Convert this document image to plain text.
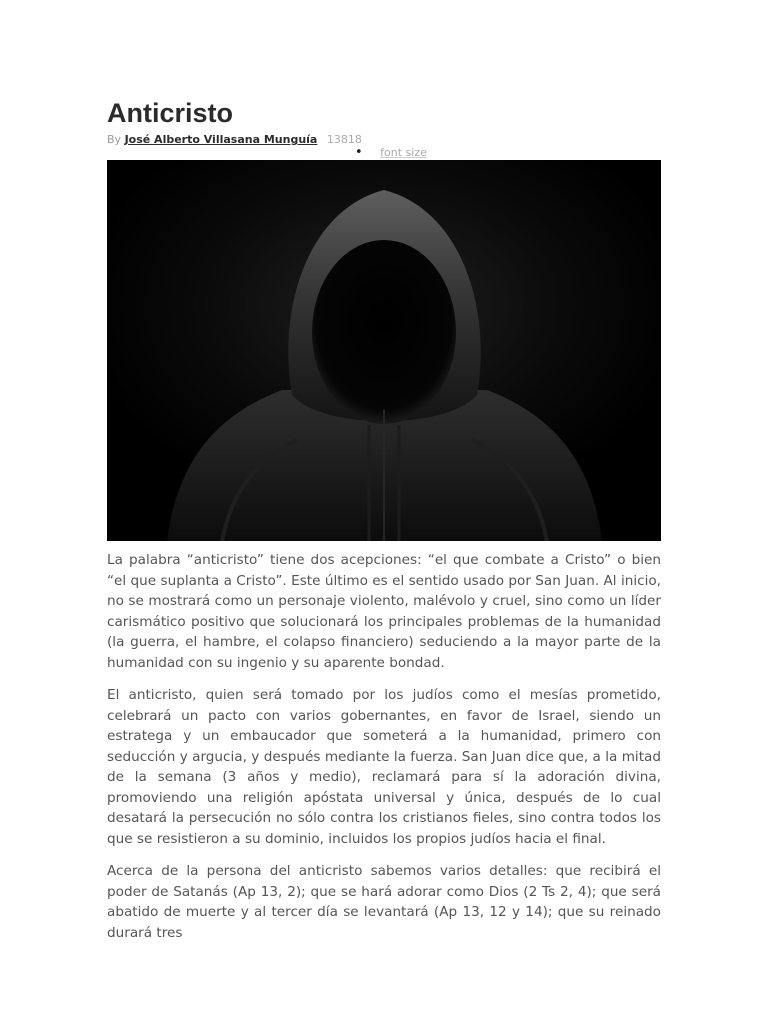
Anticristo
By José Alberto Villasana Munguía 13818
• font size

La palabra “anticristo” tiene dos acepciones: “el que combate a Cristo” o bien “el que suplanta a Cristo”. Este último es el sentido usado por San Juan. Al inicio, no se mostrará como un personaje violento, malévolo y cruel, sino como un líder carismático positivo que solucionará los principales problemas de la humanidad (la guerra, el hambre, el colapso financiero) seduciendo a la mayor parte de la humanidad con su ingenio y su aparente bondad.

El anticristo, quien será tomado por los judíos como el mesías prometido, celebrará un pacto con varios gobernantes, en favor de Israel, siendo un estratega y un embaucador que someterá a la humanidad, primero con seducción y argucia, y después mediante la fuerza. San Juan dice que, a la mitad de la semana (3 años y medio), reclamará para sí la adoración divina, promoviendo una religión apóstata universal y única, después de lo cual desatará la persecución no sólo contra los cristianos fieles, sino contra todos los que se resistieron a su dominio, incluidos los propios judíos hacia el final.

Acerca de la persona del anticristo sabemos varios detalles: que recibirá el poder de Satanás (Ap 13, 2); que se hará adorar como Dios (2 Ts 2, 4); que será abatido de muerte y al tercer día se levantará (Ap 13, 12 y 14); que su reinado durará tres
